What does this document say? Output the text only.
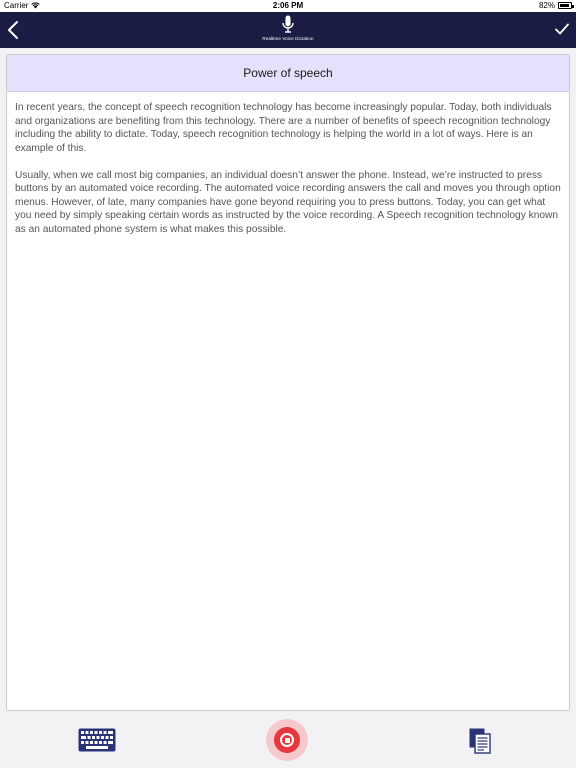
Carrier	2:06 PM	82%
Realtime Voice Dictation
Power of speech

In recent years, the concept of speech recognition technology has become increasingly popular. Today, both individuals and organizations are benefiting from this technology. There are a number of benefits of speech recognition technology including the ability to dictate. Today, speech recognition technology is helping the world in a lot of ways. Here is an example of this.

Usually, when we call most big companies, an individual doesn’t answer the phone. Instead, we’re instructed to press buttons by an automated voice recording. The automated voice recording answers the call and moves you through option menus. However, of late, many companies have gone beyond requiring you to press buttons. Today, you can get what you need by simply speaking certain words as instructed by the voice recording. A Speech recognition technology known as an automated phone system is what makes this possible.
